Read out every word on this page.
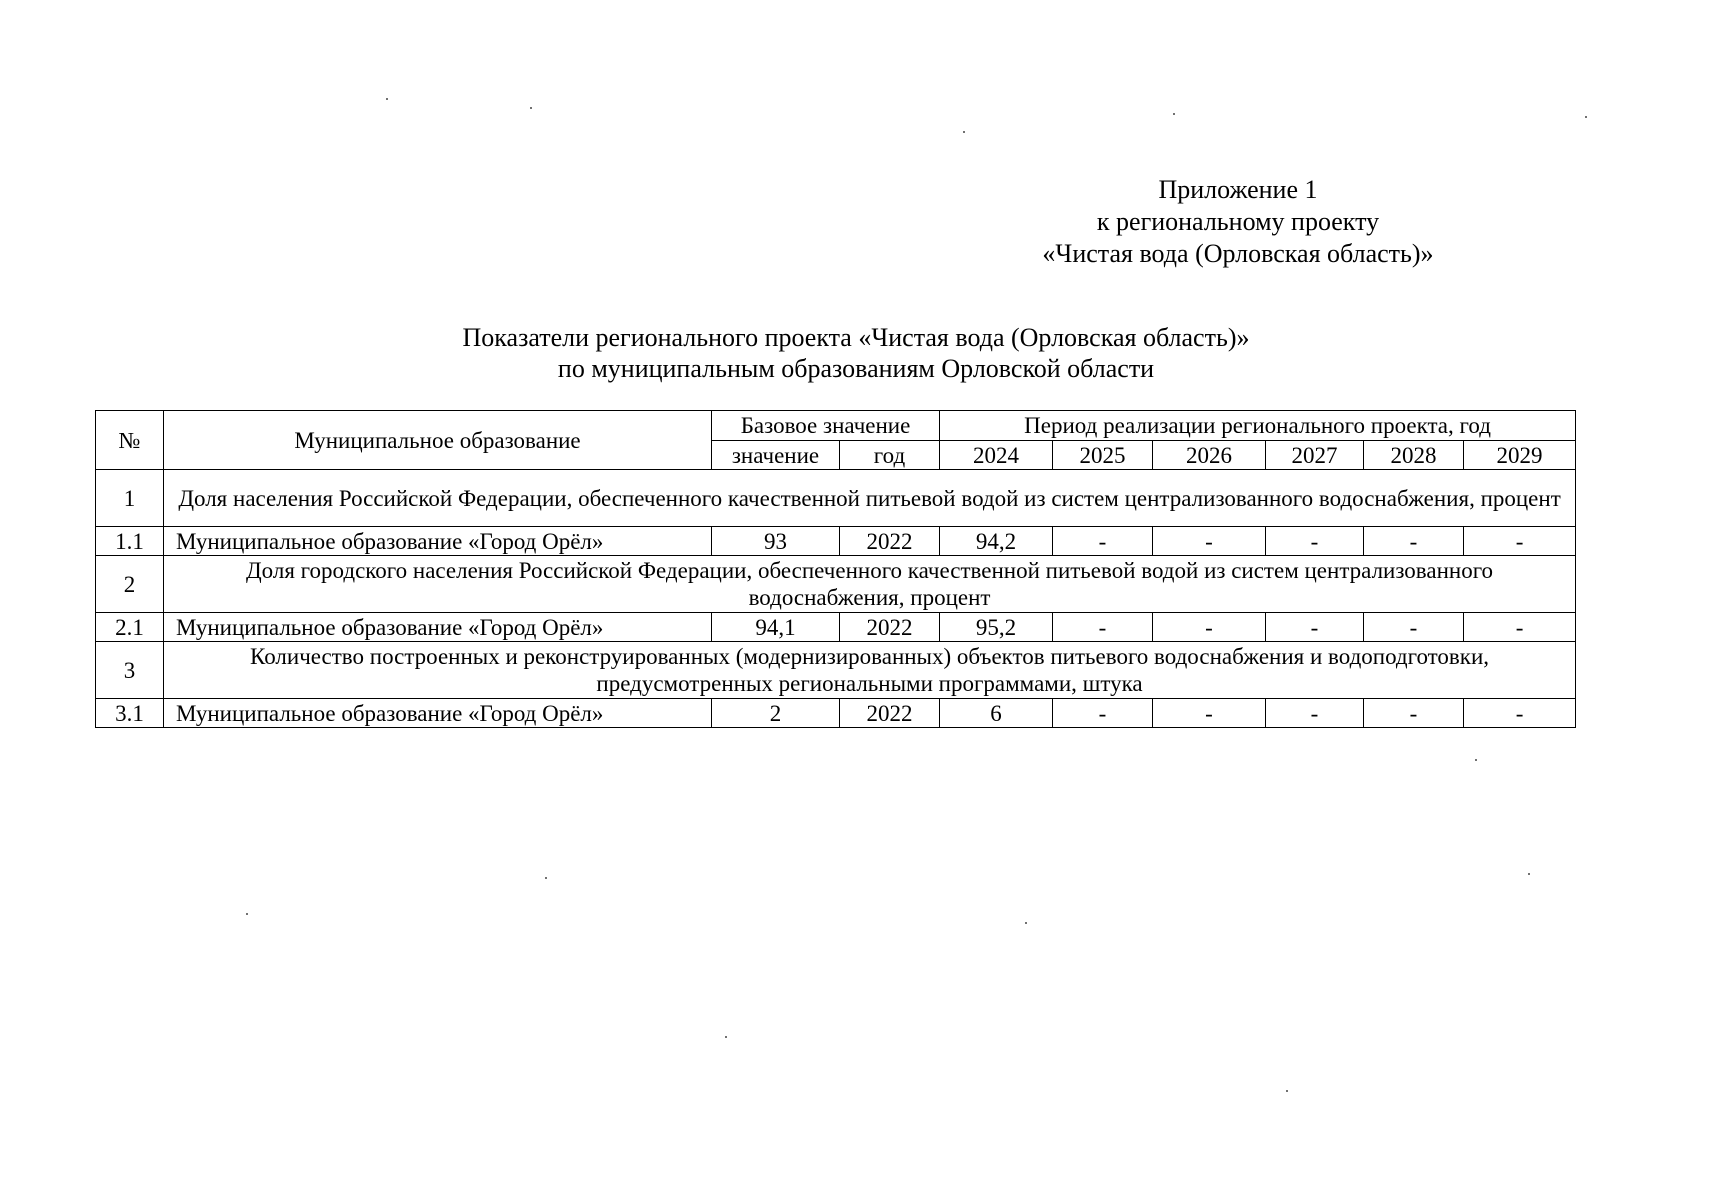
Приложение 1
к региональному проекту
«Чистая вода (Орловская область)»
Показатели регионального проекта «Чистая вода (Орловская область)»
по муниципальным образованиям Орловской области
№	Муниципальное образование	Базовое значение		Период реализации регионального проекта, год					
		значение	год	2024	2025	2026	2027	2028	2029
1	Доля населения Российской Федерации, обеспеченного качественной питьевой водой из систем централизованного водоснабжения, процент								
1.1	Муниципальное образование «Город Орёл»	93	2022	94,2	-	-	-	-	-
2	Доля городского населения Российской Федерации, обеспеченного качественной питьевой водой из систем централизованного водоснабжения, процент								
2.1	Муниципальное образование «Город Орёл»	94,1	2022	95,2	-	-	-	-	-
3	Количество построенных и реконструированных (модернизированных) объектов питьевого водоснабжения и водоподготовки, предусмотренных региональными программами, штука								
3.1	Муниципальное образование «Город Орёл»	2	2022	6	-	-	-	-	-
